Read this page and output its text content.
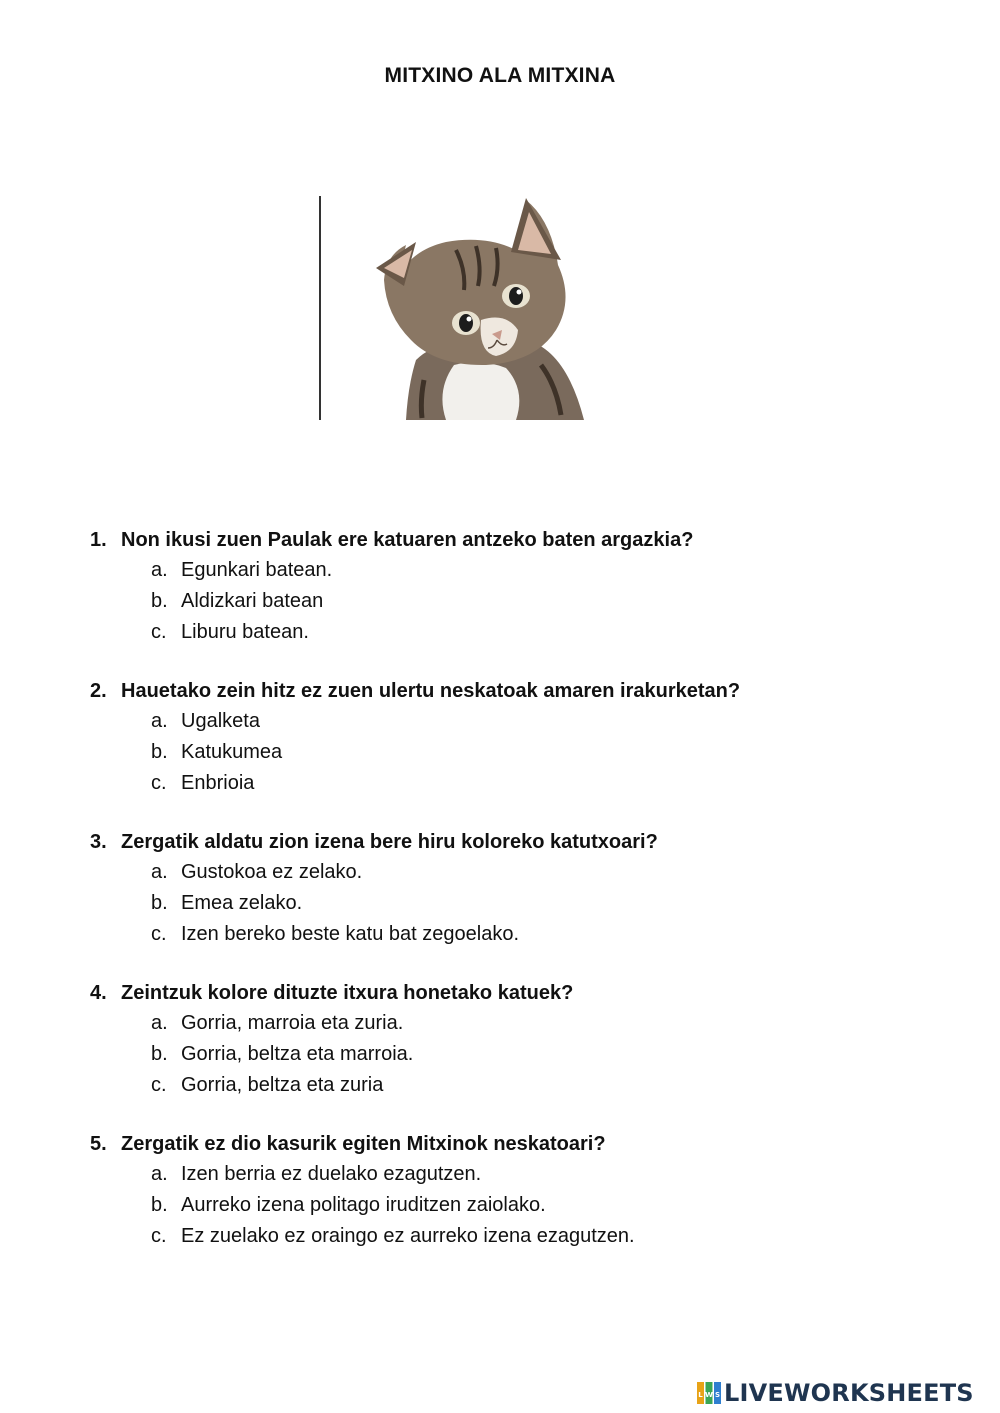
MITXINO ALA MITXINA
1. Non ikusi zuen Paulak ere katuaren antzeko baten argazkia?
a. Egunkari batean.
b. Aldizkari batean
c. Liburu batean.
2. Hauetako zein hitz ez zuen ulertu neskatoak amaren irakurketan?
a. Ugalketa
b. Katukumea
c. Enbrioia
3. Zergatik aldatu zion izena bere hiru koloreko katutxoari?
a. Gustokoa ez zelako.
b. Emea zelako.
c. Izen bereko beste katu bat zegoelako.
4. Zeintzuk kolore dituzte itxura honetako katuek?
a. Gorria, marroia eta zuria.
b. Gorria, beltza eta marroia.
c. Gorria, beltza eta zuria
5. Zergatik ez dio kasurik egiten Mitxinok neskatoari?
a. Izen berria ez duelako ezagutzen.
b. Aurreko izena politago iruditzen zaiolako.
c. Ez zuelako ez oraingo ez aurreko izena ezagutzen.
L W S LIVEWORKSHEETS
